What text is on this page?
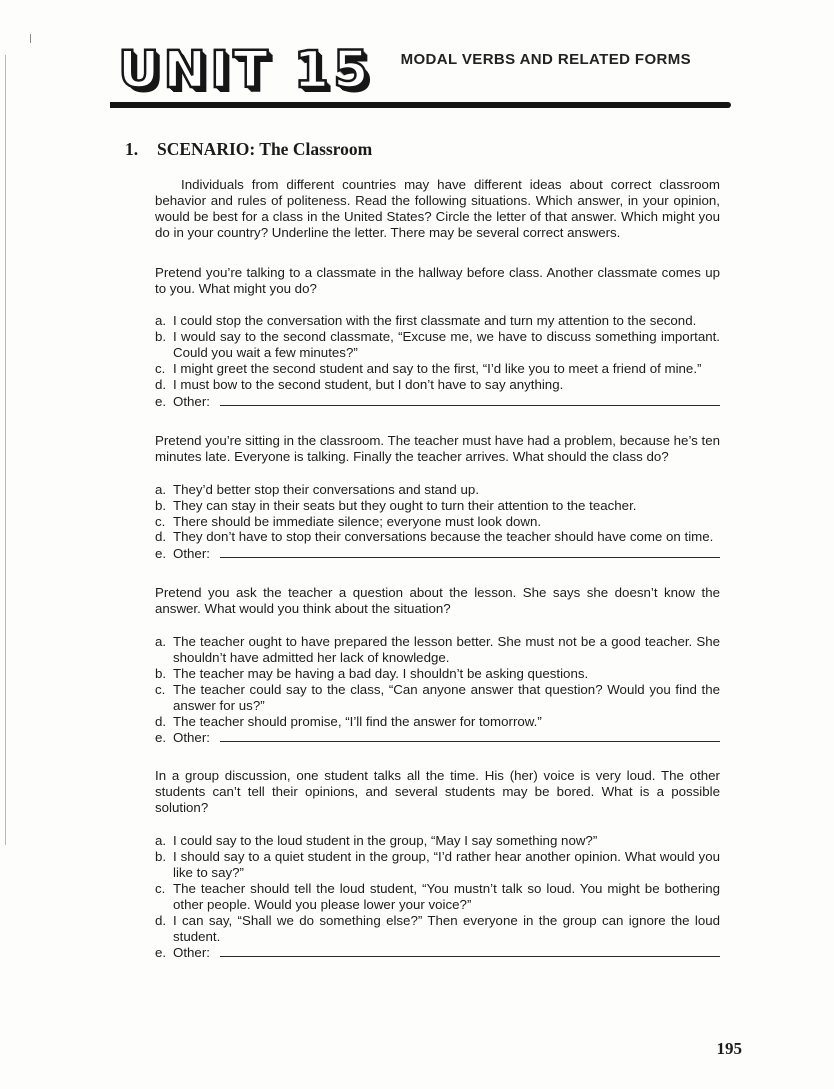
UNIT 15 MODAL VERBS AND RELATED FORMS
1. SCENARIO: The Classroom

Individuals from different countries may have different ideas about correct classroom behavior and rules of politeness. Read the following situations. Which answer, in your opinion, would be best for a class in the United States? Circle the letter of that answer. Which might you do in your country? Underline the letter. There may be several correct answers.

Pretend you’re talking to a classmate in the hallway before class. Another classmate comes up to you. What might you do?

a. I could stop the conversation with the first classmate and turn my attention to the second.
b. I would say to the second classmate, “Excuse me, we have to discuss something important. Could you wait a few minutes?”
c. I might greet the second student and say to the first, “I’d like you to meet a friend of mine.”
d. I must bow to the second student, but I don’t have to say anything.
e. Other:

Pretend you’re sitting in the classroom. The teacher must have had a problem, because he’s ten minutes late. Everyone is talking. Finally the teacher arrives. What should the class do?

a. They’d better stop their conversations and stand up.
b. They can stay in their seats but they ought to turn their attention to the teacher.
c. There should be immediate silence; everyone must look down.
d. They don’t have to stop their conversations because the teacher should have come on time.
e. Other:

Pretend you ask the teacher a question about the lesson. She says she doesn’t know the answer. What would you think about the situation?

a. The teacher ought to have prepared the lesson better. She must not be a good teacher. She shouldn’t have admitted her lack of knowledge.
b. The teacher may be having a bad day. I shouldn’t be asking questions.
c. The teacher could say to the class, “Can anyone answer that question? Would you find the answer for us?”
d. The teacher should promise, “I’ll find the answer for tomorrow.”
e. Other:

In a group discussion, one student talks all the time. His (her) voice is very loud. The other students can’t tell their opinions, and several students may be bored. What is a possible solution?

a. I could say to the loud student in the group, “May I say something now?”
b. I should say to a quiet student in the group, “I’d rather hear another opinion. What would you like to say?”
c. The teacher should tell the loud student, “You mustn’t talk so loud. You might be bothering other people. Would you please lower your voice?”
d. I can say, “Shall we do something else?” Then everyone in the group can ignore the loud student.
e. Other:
195
